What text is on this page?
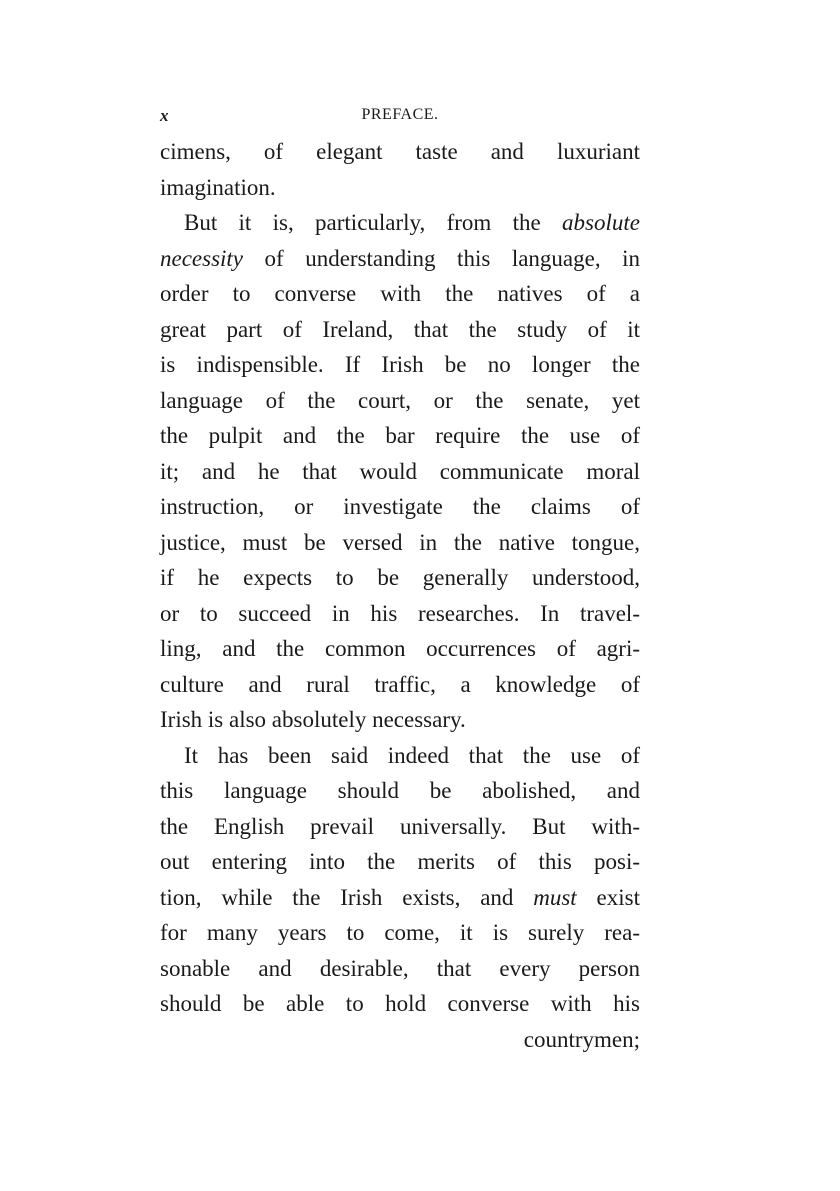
x	PREFACE.
cimens, of elegant taste and luxuriant
imagination.
But it is, particularly, from the absolute
necessity of understanding this language, in
order to converse with the natives of a
great part of Ireland, that the study of it
is indispensible. If Irish be no longer the
language of the court, or the senate, yet
the pulpit and the bar require the use of
it; and he that would communicate moral
instruction, or investigate the claims of
justice, must be versed in the native tongue,
if he expects to be generally understood,
or to succeed in his researches. In travel-
ling, and the common occurrences of agri-
culture and rural traffic, a knowledge of
Irish is also absolutely necessary.
It has been said indeed that the use of
this language should be abolished, and
the English prevail universally. But with-
out entering into the merits of this posi-
tion, while the Irish exists, and must exist
for many years to come, it is surely rea-
sonable and desirable, that every person
should be able to hold converse with his
countrymen;
